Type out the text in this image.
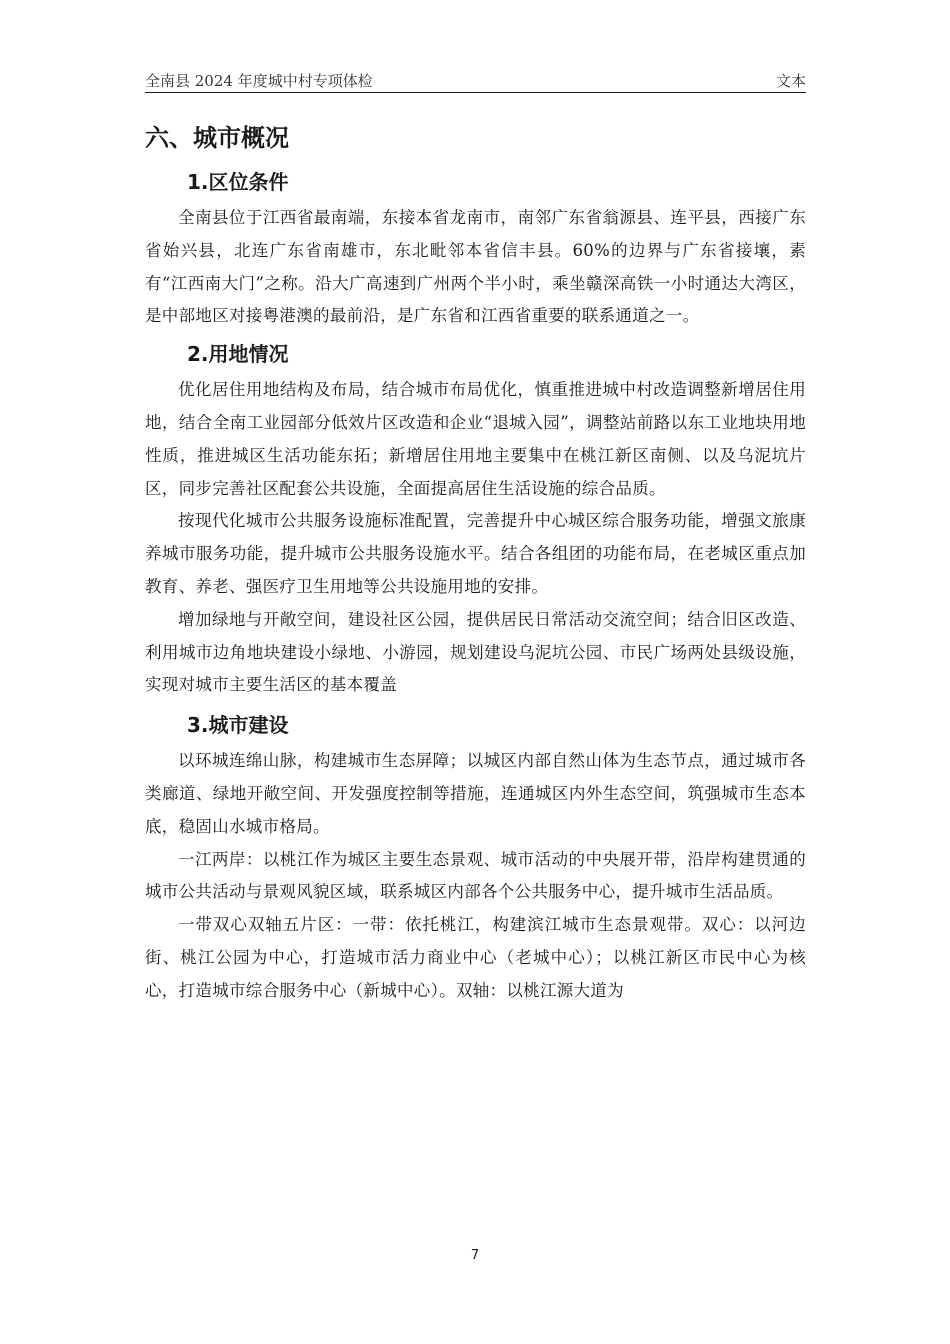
全南县 2024 年度城中村专项体检	文本
六、城市概况
1.区位条件

全南县位于江西省最南端，东接本省龙南市，南邻广东省翁源县、连平县，西接广东省始兴县，北连广东省南雄市，东北毗邻本省信丰县。60%的边界与广东省接壤，素有“江西南大门”之称。沿大广高速到广州两个半小时，乘坐赣深高铁一小时通达大湾区，是中部地区对接粤港澳的最前沿，是广东省和江西省重要的联系通道之一。

2.用地情况

优化居住用地结构及布局，结合城市布局优化，慎重推进城中村改造调整新增居住用地，结合全南工业园部分低效片区改造和企业“退城入园”，调整站前路以东工业地块用地性质，推进城区生活功能东拓；新增居住用地主要集中在桃江新区南侧、以及乌泥坑片区，同步完善社区配套公共设施，全面提高居住生活设施的综合品质。

按现代化城市公共服务设施标准配置，完善提升中心城区综合服务功能，增强文旅康养城市服务功能，提升城市公共服务设施水平。结合各组团的功能布局，在老城区重点加教育、养老、强医疗卫生用地等公共设施用地的安排。

增加绿地与开敞空间，建设社区公园，提供居民日常活动交流空间；结合旧区改造、利用城市边角地块建设小绿地、小游园，规划建设乌泥坑公园、市民广场两处县级设施，实现对城市主要生活区的基本覆盖

3.城市建设

以环城连绵山脉，构建城市生态屏障；以城区内部自然山体为生态节点，通过城市各类廊道、绿地开敞空间、开发强度控制等措施，连通城区内外生态空间，筑强城市生态本底，稳固山水城市格局。

一江两岸：以桃江作为城区主要生态景观、城市活动的中央展开带，沿岸构建贯通的城市公共活动与景观风貌区域，联系城区内部各个公共服务中心，提升城市生活品质。

一带双心双轴五片区：一带：依托桃江，构建滨江城市生态景观带。双心：以河边街、桃江公园为中心，打造城市活力商业中心（老城中心）；以桃江新区市民中心为核心，打造城市综合服务中心（新城中心）。双轴：以桃江源大道为

7
